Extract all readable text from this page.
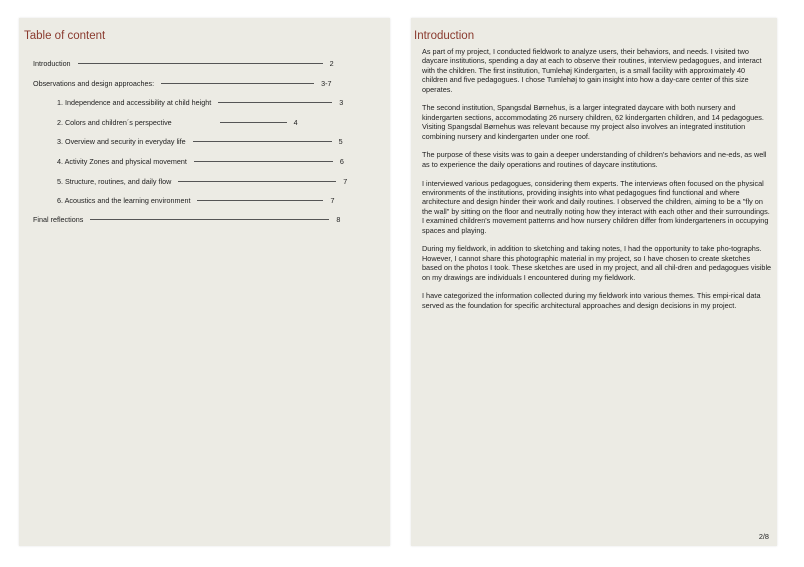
Table of content
Introduction	2
Observations and design approaches:	3-7
1. Independence and accessibility at child height	3
2. Colors and children´s perspective	4
3. Overview and security in everyday life	5
4. Activity Zones and physical movement	6
5. Structure, routines, and daily flow	7
6. Acoustics and the learning environment	7
Final reflections	8
Introduction

As part of my project, I conducted fieldwork to analyze users, their behaviors, and needs. I visited two daycare institutions, spending a day at each to observe their routines, interview pedagogues, and interact with the children. The first institution, Tumlehøj Kindergarten, is a small facility with approximately 40 children and five pedagogues. I chose Tumlehøj to gain insight into how a day-care center of this size operates.

The second institution, Spangsdal Børnehus, is a larger integrated daycare with both nursery and kindergarten sections, accommodating 26 nursery children, 62 kindergarten children, and 14 pedagogues. Visiting Spangsdal Børnehus was relevant because my project also involves an integrated institution combining nursery and kindergarten under one roof.

The purpose of these visits was to gain a deeper understanding of children's behaviors and ne-eds, as well as to experience the daily operations and routines of daycare institutions.

I interviewed various pedagogues, considering them experts. The interviews often focused on the physical environments of the institutions, providing insights into what pedagogues find functional and where architecture and design hinder their work and daily routines. I observed the children, aiming to be a "fly on the wall" by sitting on the floor and neutrally noting how they interact with each other and their surroundings. I examined children's movement patterns and how nursery children differ from kindergarteners in occupying spaces and playing.

During my fieldwork, in addition to sketching and taking notes, I had the opportunity to take pho-tographs. However, I cannot share this photographic material in my project, so I have chosen to create sketches based on the photos I took. These sketches are used in my project, and all chil-dren and pedagogues visible on my drawings are individuals I encountered during my fieldwork.

I have categorized the information collected during my fieldwork into various themes. This empi-rical data served as the foundation for specific architectural approaches and design decisions in my project.

2/8
